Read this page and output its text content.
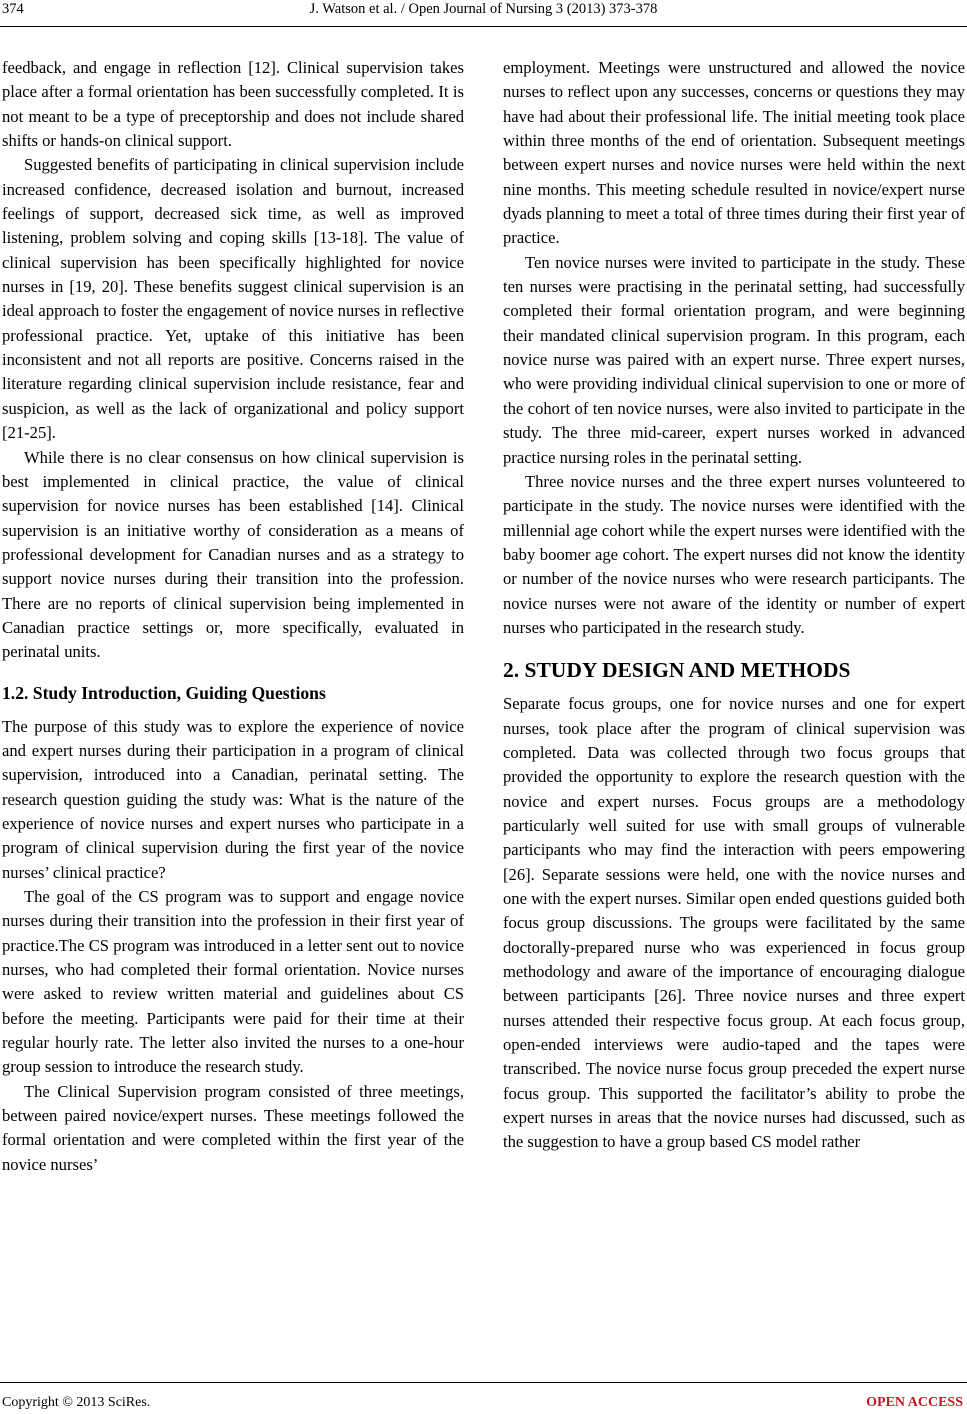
374	J. Watson et al. / Open Journal of Nursing 3 (2013) 373-378

feedback, and engage in reflection [12]. Clinical supervision takes place after a formal orientation has been successfully completed. It is not meant to be a type of preceptorship and does not include shared shifts or hands-on clinical support.

Suggested benefits of participating in clinical supervision include increased confidence, decreased isolation and burnout, increased feelings of support, decreased sick time, as well as improved listening, problem solving and coping skills [13-18]. The value of clinical supervision has been specifically highlighted for novice nurses in [19, 20]. These benefits suggest clinical supervision is an ideal approach to foster the engagement of novice nurses in reflective professional practice. Yet, uptake of this initiative has been inconsistent and not all reports are positive. Concerns raised in the literature regarding clinical supervision include resistance, fear and suspicion, as well as the lack of organizational and policy support [21-25].

While there is no clear consensus on how clinical supervision is best implemented in clinical practice, the value of clinical supervision for novice nurses has been established [14]. Clinical supervision is an initiative worthy of consideration as a means of professional development for Canadian nurses and as a strategy to support novice nurses during their transition into the profession. There are no reports of clinical supervision being implemented in Canadian practice settings or, more specifically, evaluated in perinatal units.

1.2. Study Introduction, Guiding Questions

The purpose of this study was to explore the experience of novice and expert nurses during their participation in a program of clinical supervision, introduced into a Canadian, perinatal setting. The research question guiding the study was: What is the nature of the experience of novice nurses and expert nurses who participate in a program of clinical supervision during the first year of the novice nurses’ clinical practice?

The goal of the CS program was to support and engage novice nurses during their transition into the profession in their first year of practice.The CS program was introduced in a letter sent out to novice nurses, who had completed their formal orientation. Novice nurses were asked to review written material and guidelines about CS before the meeting. Participants were paid for their time at their regular hourly rate. The letter also invited the nurses to a one-hour group session to introduce the research study.

The Clinical Supervision program consisted of three meetings, between paired novice/expert nurses. These meetings followed the formal orientation and were completed within the first year of the novice nurses’

employment. Meetings were unstructured and allowed the novice nurses to reflect upon any successes, concerns or questions they may have had about their professional life. The initial meeting took place within three months of the end of orientation. Subsequent meetings between expert nurses and novice nurses were held within the next nine months. This meeting schedule resulted in novice/expert nurse dyads planning to meet a total of three times during their first year of practice.

Ten novice nurses were invited to participate in the study. These ten nurses were practising in the perinatal setting, had successfully completed their formal orientation program, and were beginning their mandated clinical supervision program. In this program, each novice nurse was paired with an expert nurse. Three expert nurses, who were providing individual clinical supervision to one or more of the cohort of ten novice nurses, were also invited to participate in the study. The three mid-career, expert nurses worked in advanced practice nursing roles in the perinatal setting.

Three novice nurses and the three expert nurses volunteered to participate in the study. The novice nurses were identified with the millennial age cohort while the expert nurses were identified with the baby boomer age cohort. The expert nurses did not know the identity or number of the novice nurses who were research participants. The novice nurses were not aware of the identity or number of expert nurses who participated in the research study.

2. STUDY DESIGN AND METHODS

Separate focus groups, one for novice nurses and one for expert nurses, took place after the program of clinical supervision was completed. Data was collected through two focus groups that provided the opportunity to explore the research question with the novice and expert nurses. Focus groups are a methodology particularly well suited for use with small groups of vulnerable participants who may find the interaction with peers empowering [26]. Separate sessions were held, one with the novice nurses and one with the expert nurses. Similar open ended questions guided both focus group discussions. The groups were facilitated by the same doctorally-prepared nurse who was experienced in focus group methodology and aware of the importance of encouraging dialogue between participants [26]. Three novice nurses and three expert nurses attended their respective focus group. At each focus group, open-ended interviews were audio-taped and the tapes were transcribed. The novice nurse focus group preceded the expert nurse focus group. This supported the facilitator’s ability to probe the expert nurses in areas that the novice nurses had discussed, such as the suggestion to have a group based CS model rather

Copyright © 2013 SciRes.	OPEN ACCESS
